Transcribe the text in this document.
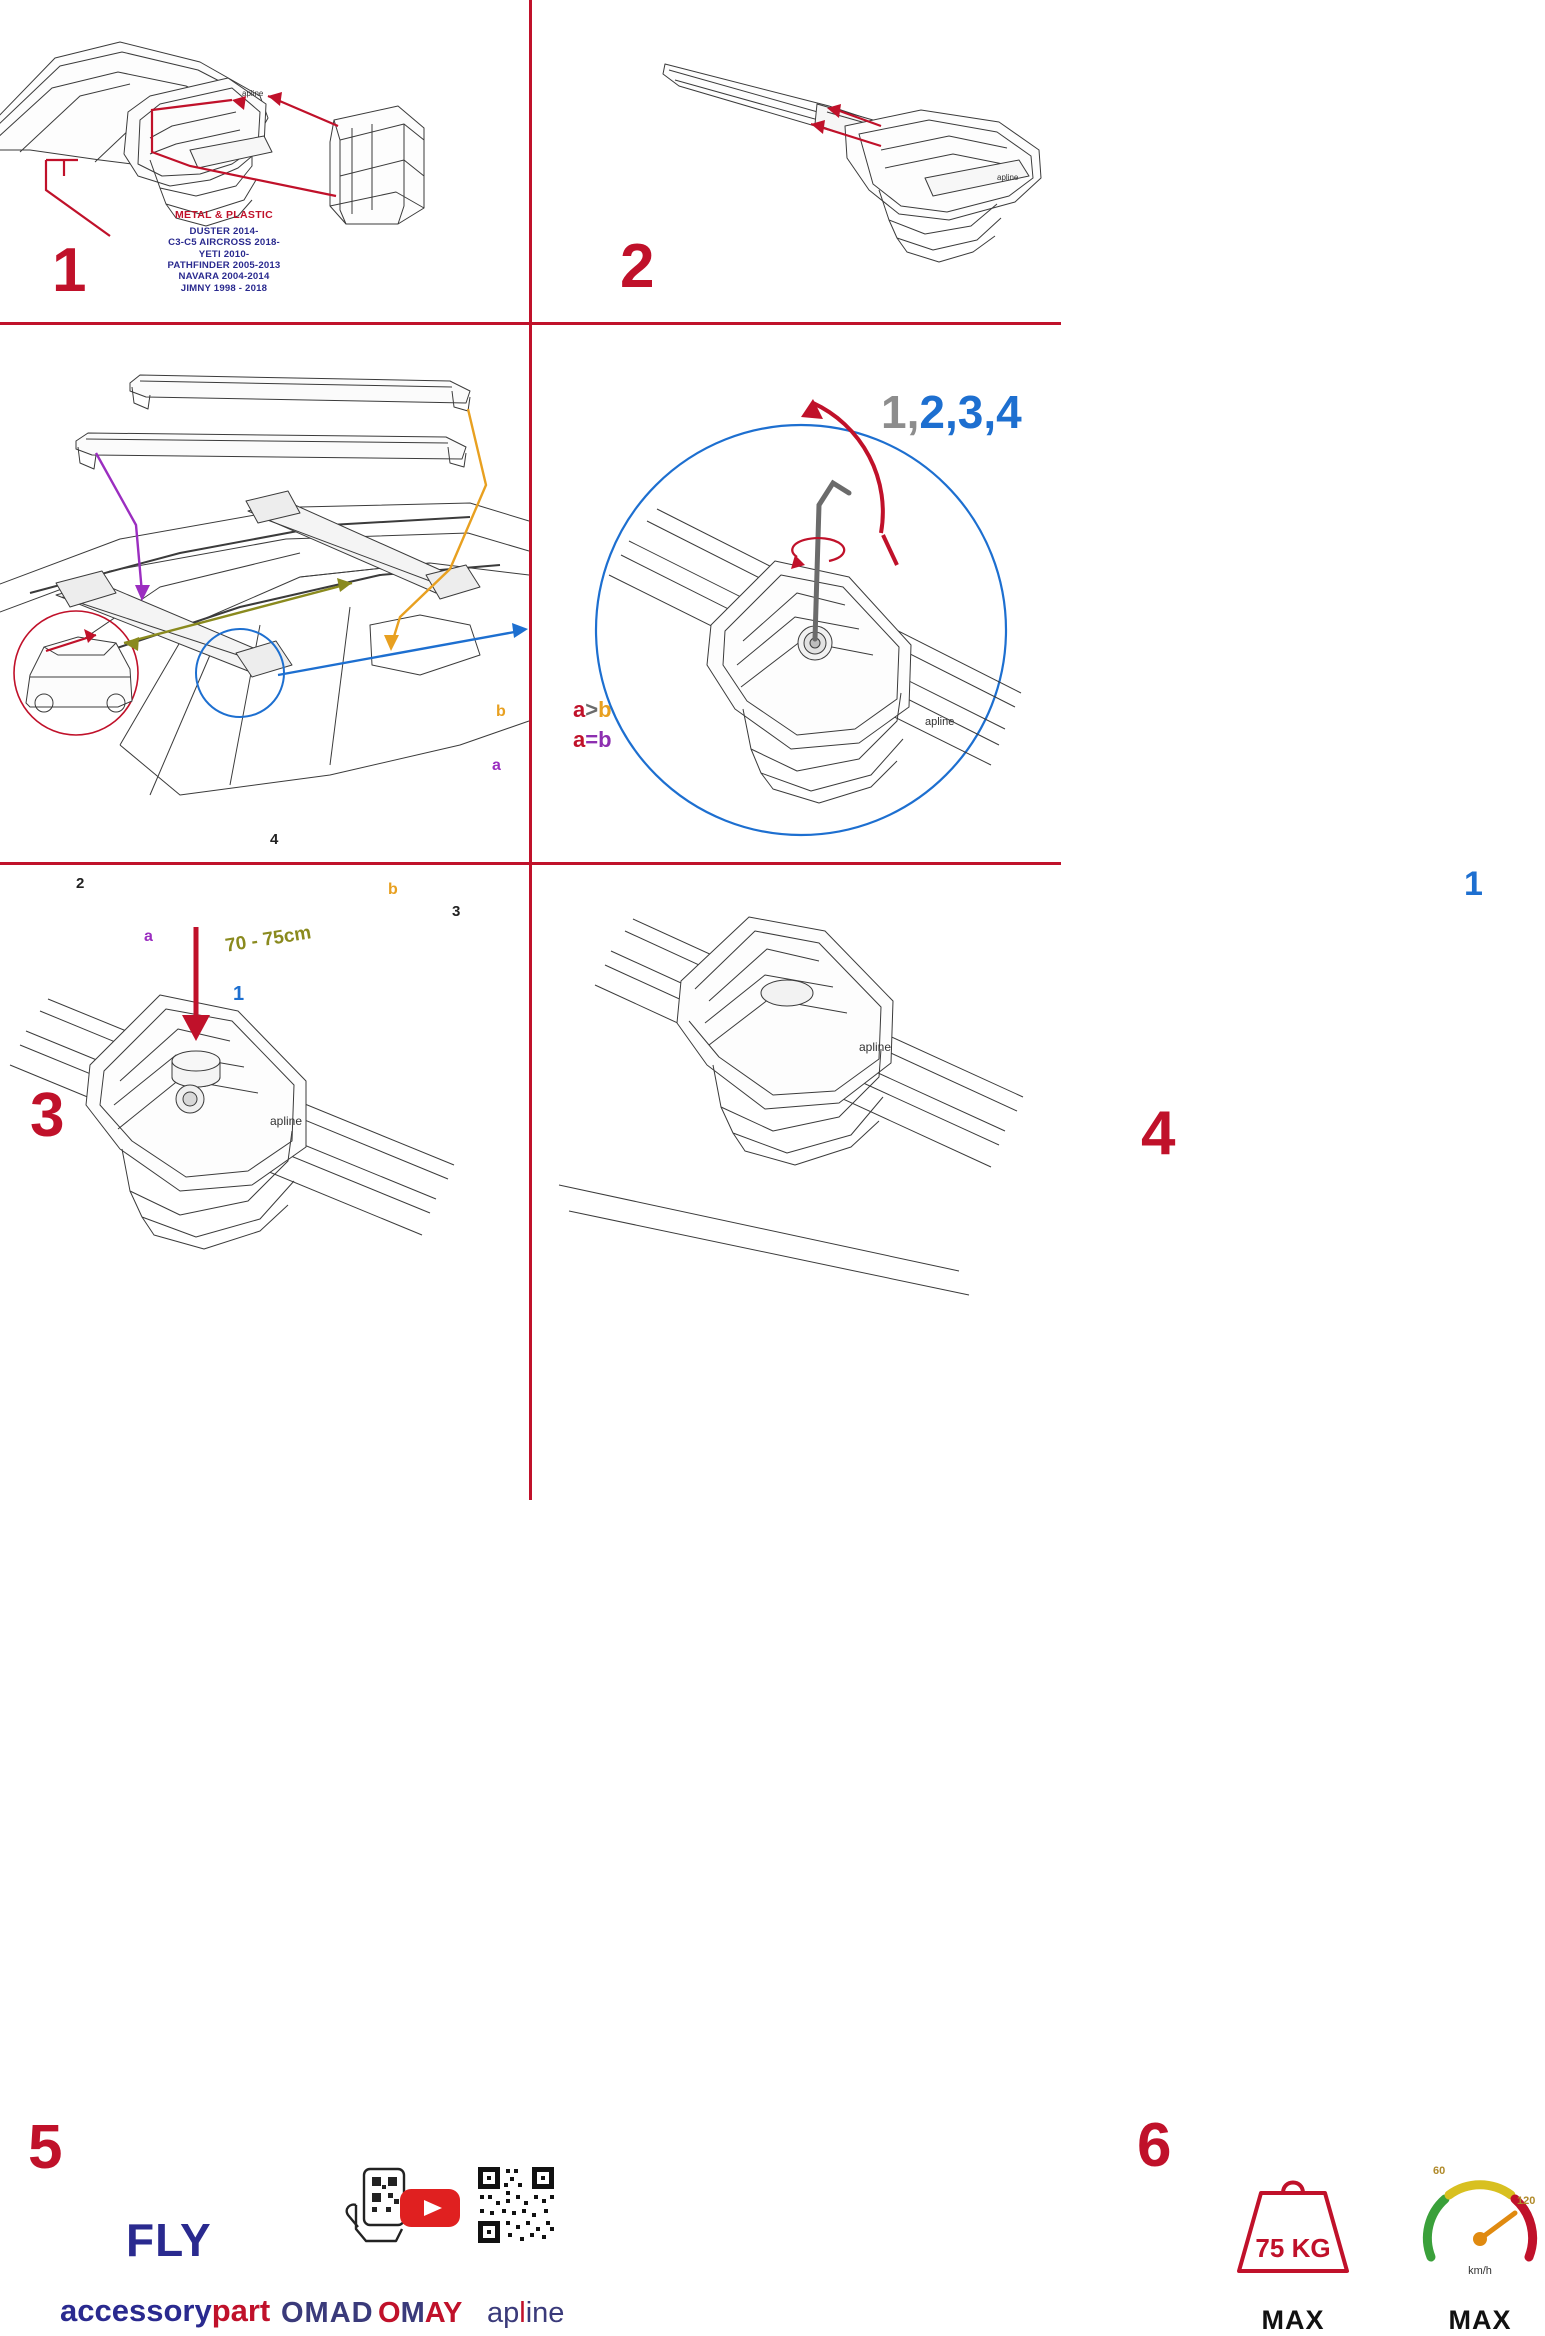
apline
METAL & PLASTIC
DUSTER 2014-
C3-C5 AIRCROSS 2018-
YETI 2010-
PATHFINDER 2005-2013
NAVARA 2004-2014
JIMNY 1998 - 2018
1
apline
2
b
a
a
b
2
4
3
1
70 - 75cm
a>b
a=b
3
apline
1,2,3,4
1
4
apline
5
FLY
accessorypart OMAD OMAY apline
apline
6
75 KG
MAX
60
120
km/h
MAX
